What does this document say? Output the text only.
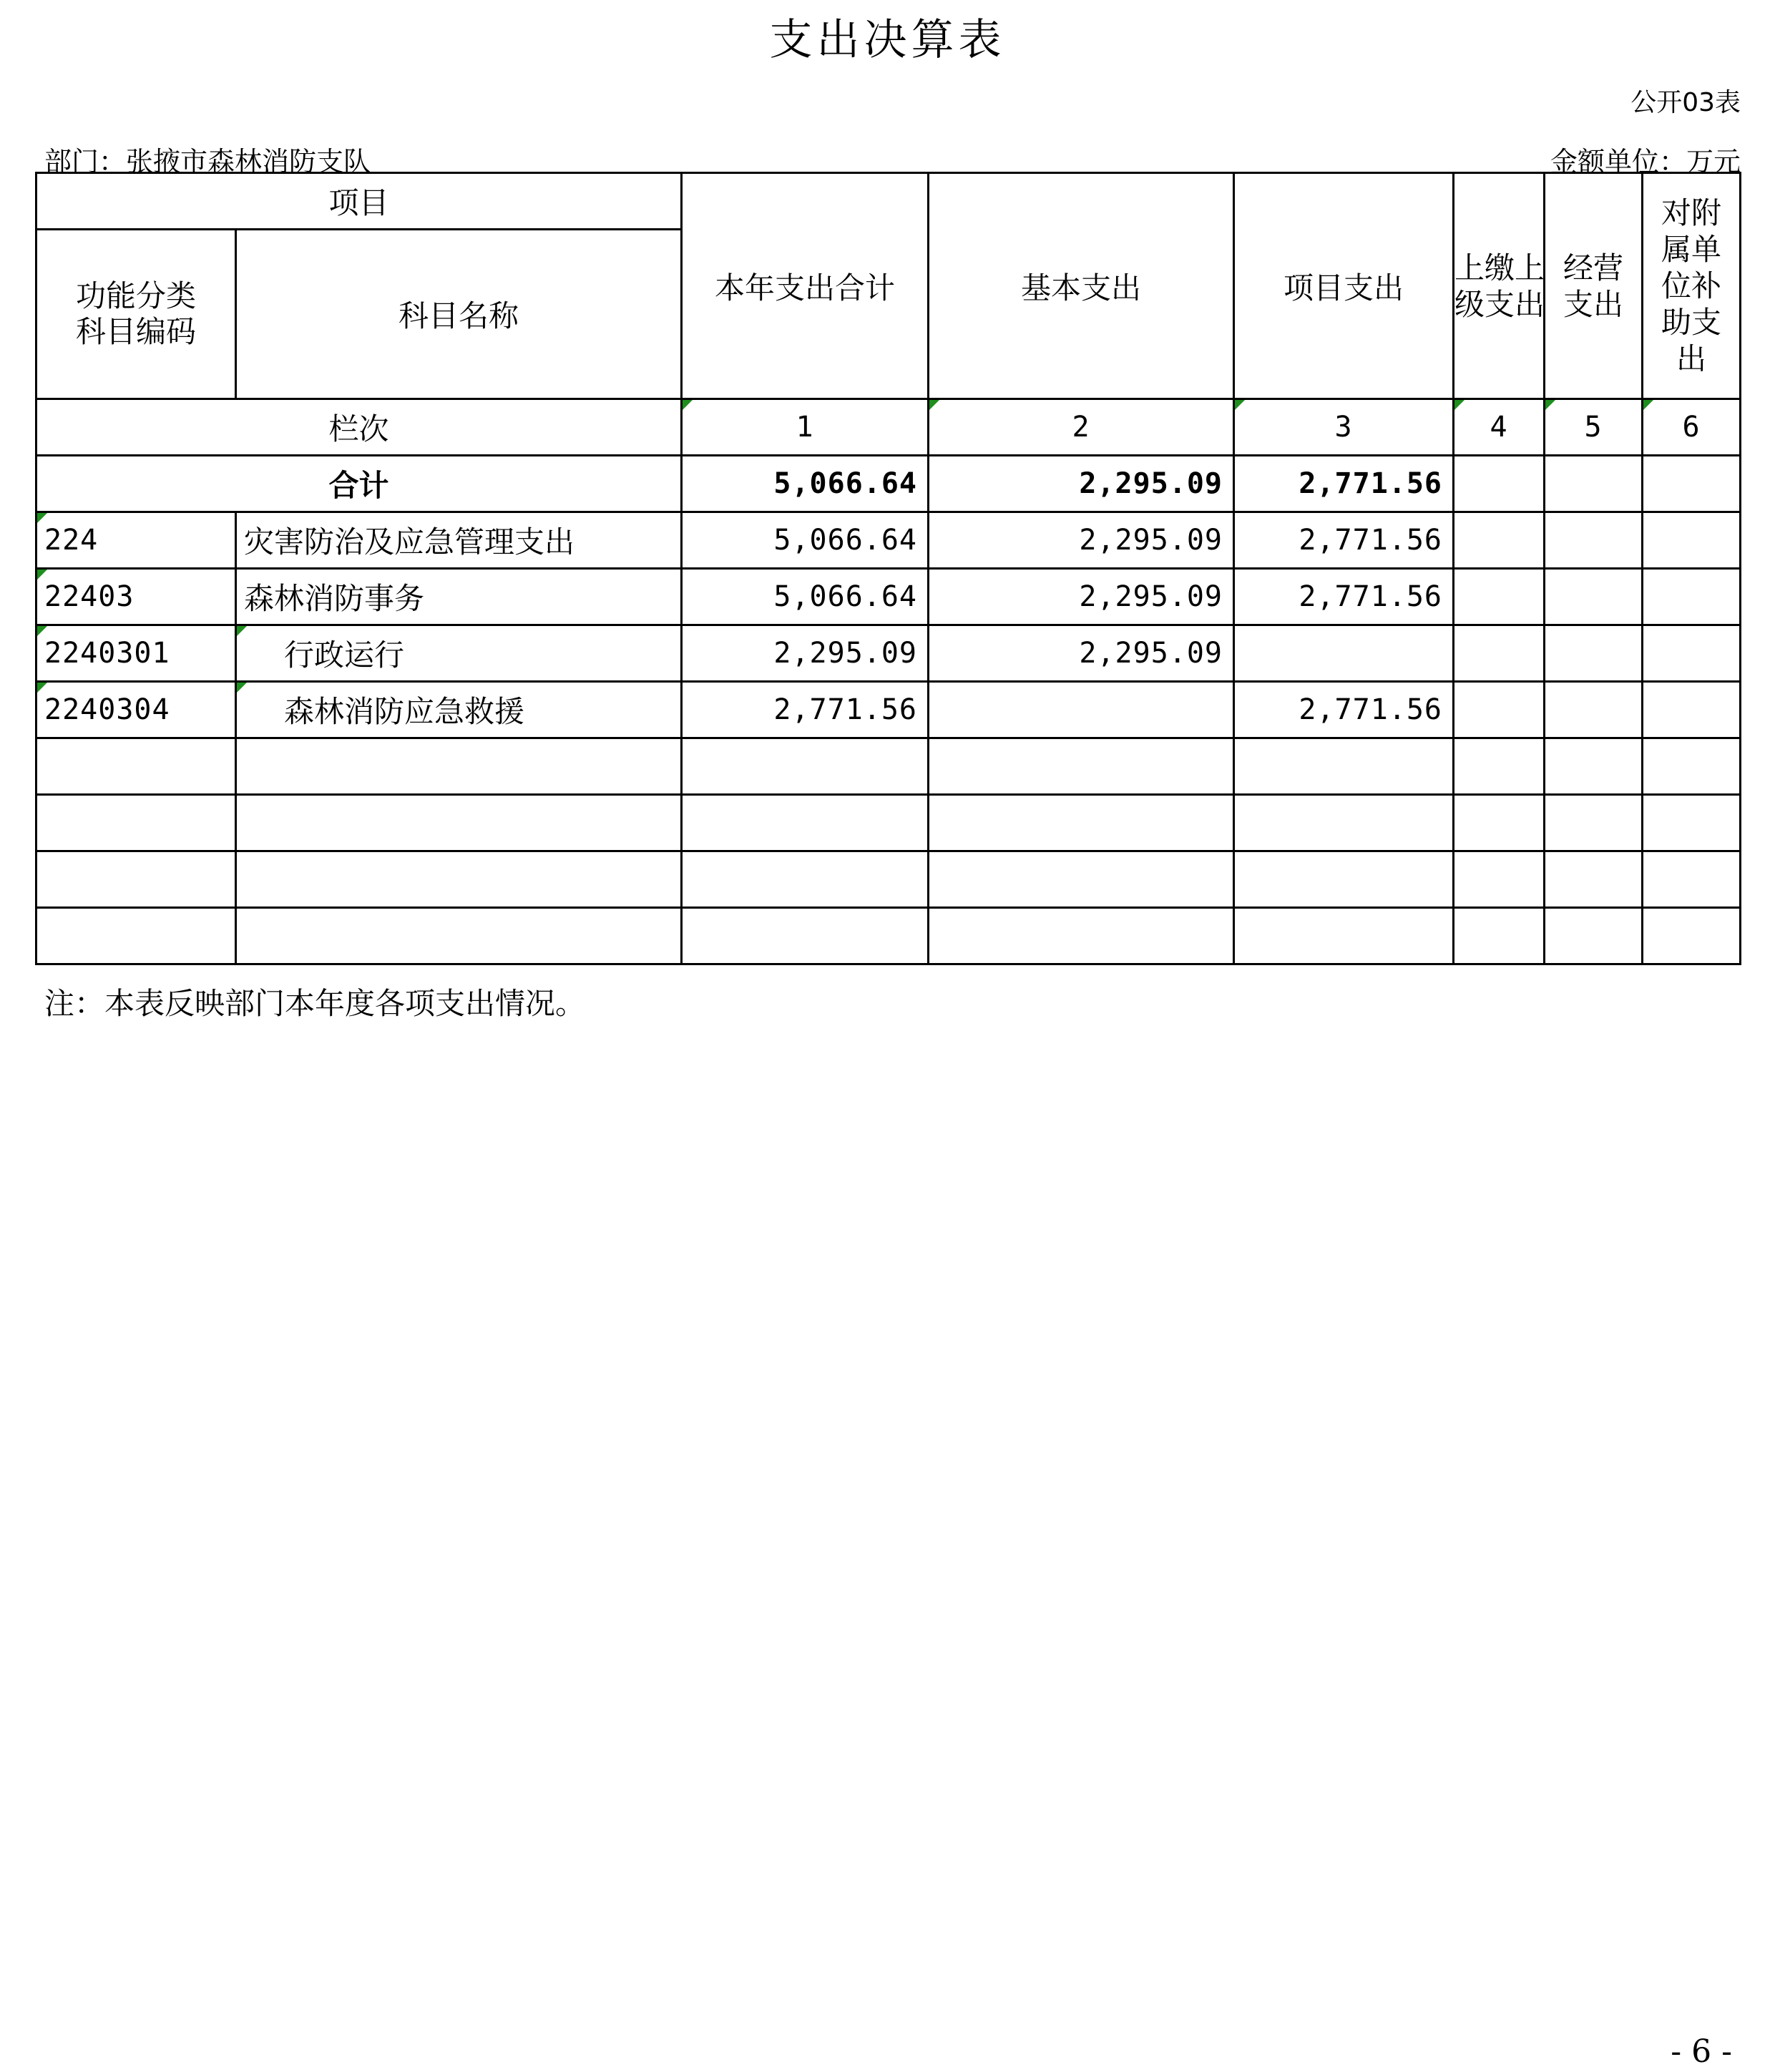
支出决算表
公开03表
部门：张掖市森林消防支队	金额单位：万元
项目		本年支出合计	基本支出	项目支出	上缴上级支出	经营支出	对附属单位补助支出

功能分类科目编码	科目名称						
栏次		1	2	3	4	5	6
合计		5,066.64	2,295.09	2,771.56			
224	灾害防治及应急管理支出	5,066.64	2,295.09	2,771.56			
22403	森林消防事务	5,066.64	2,295.09	2,771.56			
2240301	行政运行	2,295.09	2,295.09				
2240304	森林消防应急救援	2,771.56		2,771.56			

注：本表反映部门本年度各项支出情况。
- 6 -
